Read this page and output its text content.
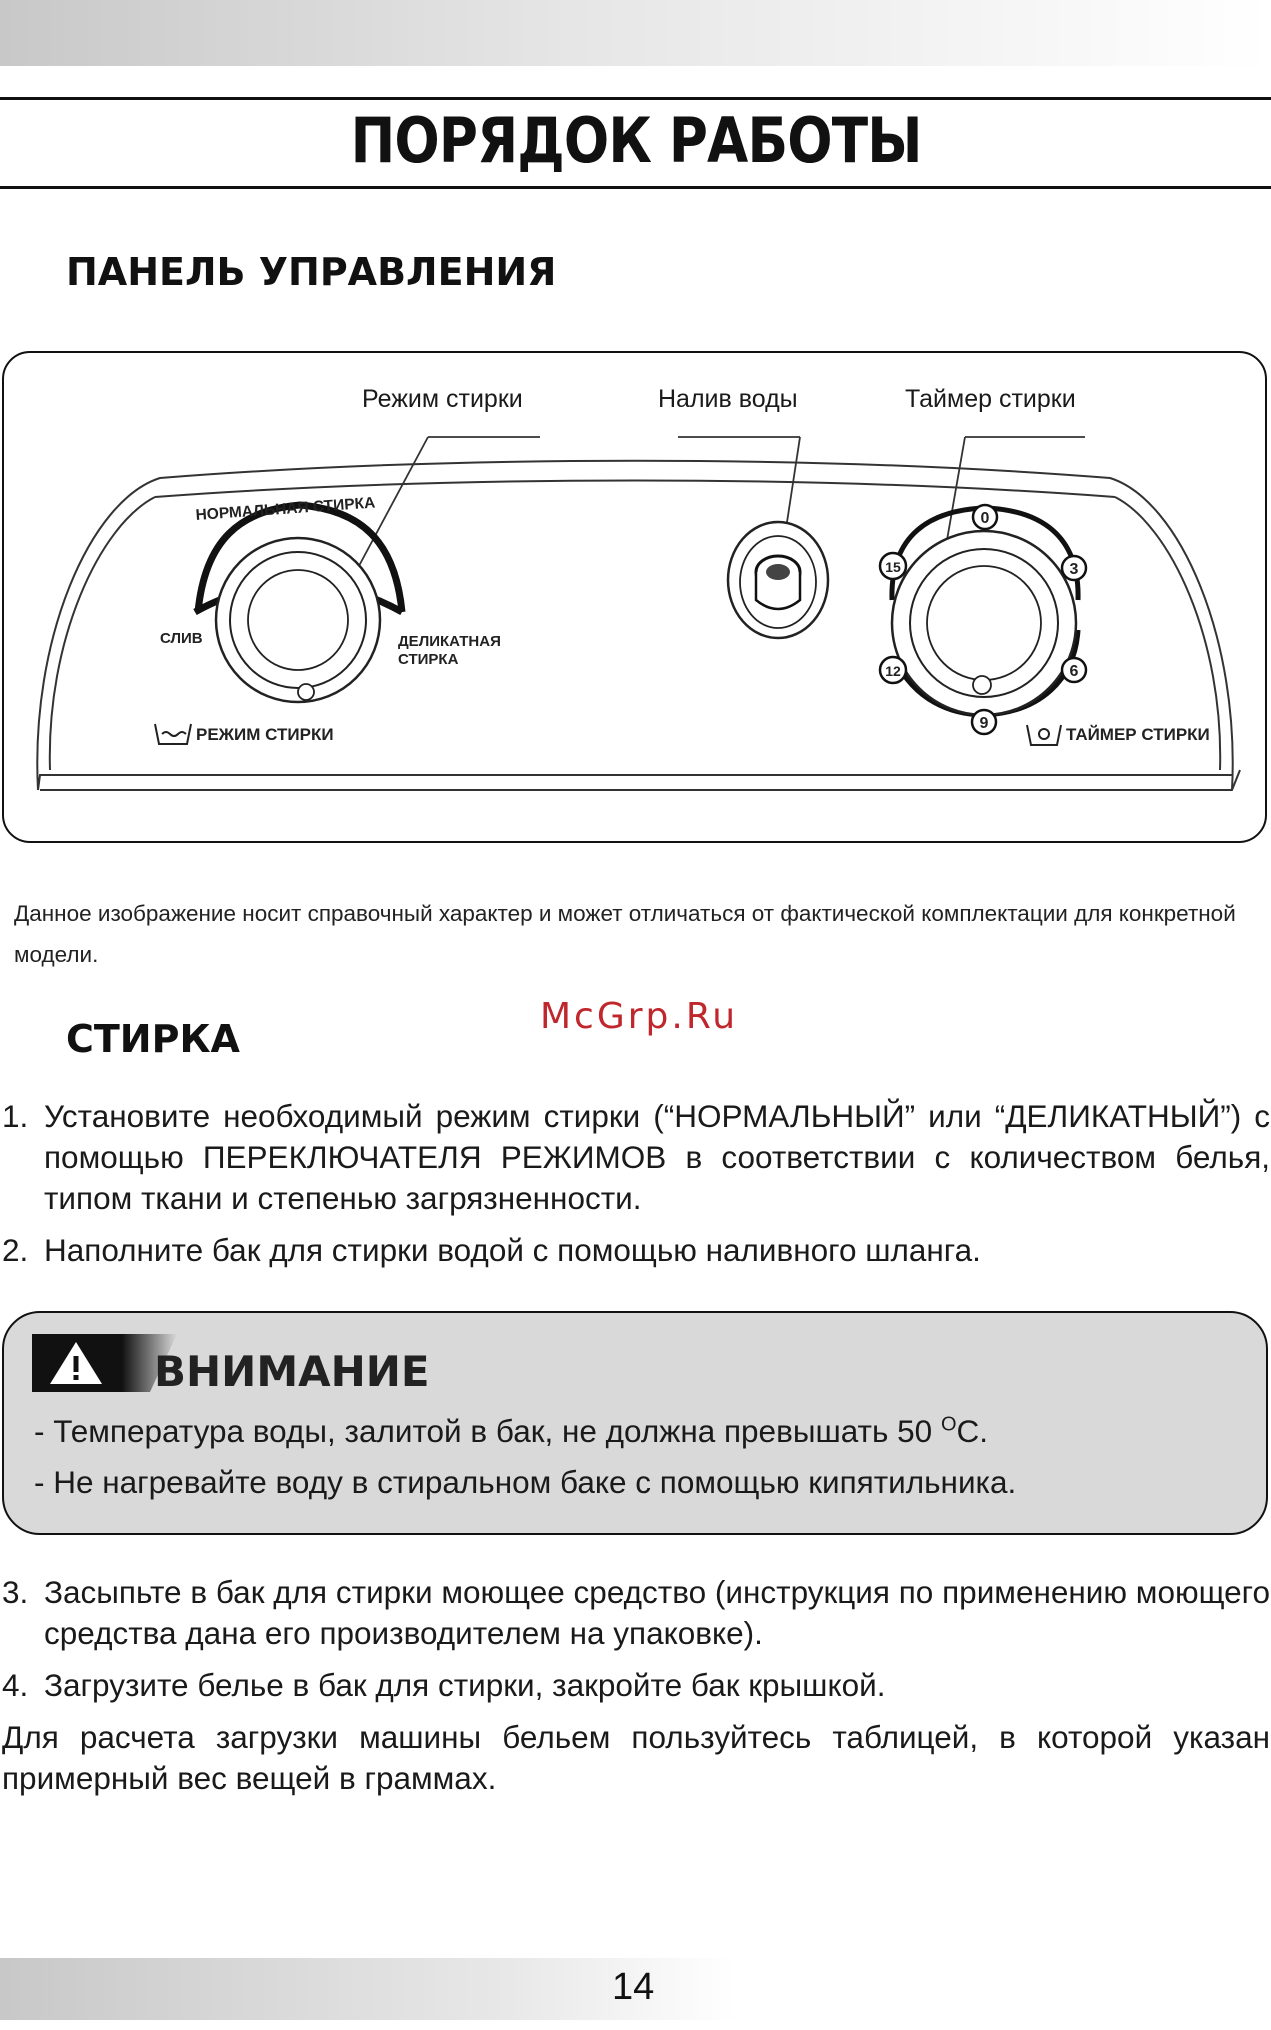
ПОРЯДОК РАБОТЫ
ПАНЕЛЬ УПРАВЛЕНИЯ
НОРМАЛЬНАЯ СТИРКА
СЛИВ	ДЕЛИКАТНАЯ
СТИРКА
РЕЖИМ СТИРКИ
0
3
6
9
12
15
ТАЙМЕР СТИРКИ
Режим стирки	Налив воды	Таймер стирки

Данное изображение носит справочный характер и может отличаться от фактической комплектации для конкретной модели.

McGrp.Ru
СТИРКА
1. Установите необходимый режим стирки (“НОРМАЛЬНЫЙ” или “ДЕЛИКАТНЫЙ”) с помощью ПЕРЕКЛЮЧАТЕЛЯ РЕЖИМОВ в соответствии с количеством белья, типом ткани и степенью загрязненности.
2. Наполните бак для стирки водой с помощью наливного шланга.

ВНИМАНИЕ

- Температура воды, залитой в бак, не должна превышать 50 $^O$C.
- Не нагревайте воду в стиральном баке с помощью кипятильника.
3. Засыпьте в бак для стирки моющее средство (инструкция по применению моющего средства дана его производителем на упаковке).
4. Загрузите белье в бак для стирки, закройте бак крышкой.

Для расчета загрузки машины бельем пользуйтесь таблицей, в которой указан примерный вес вещей в граммах.

14
